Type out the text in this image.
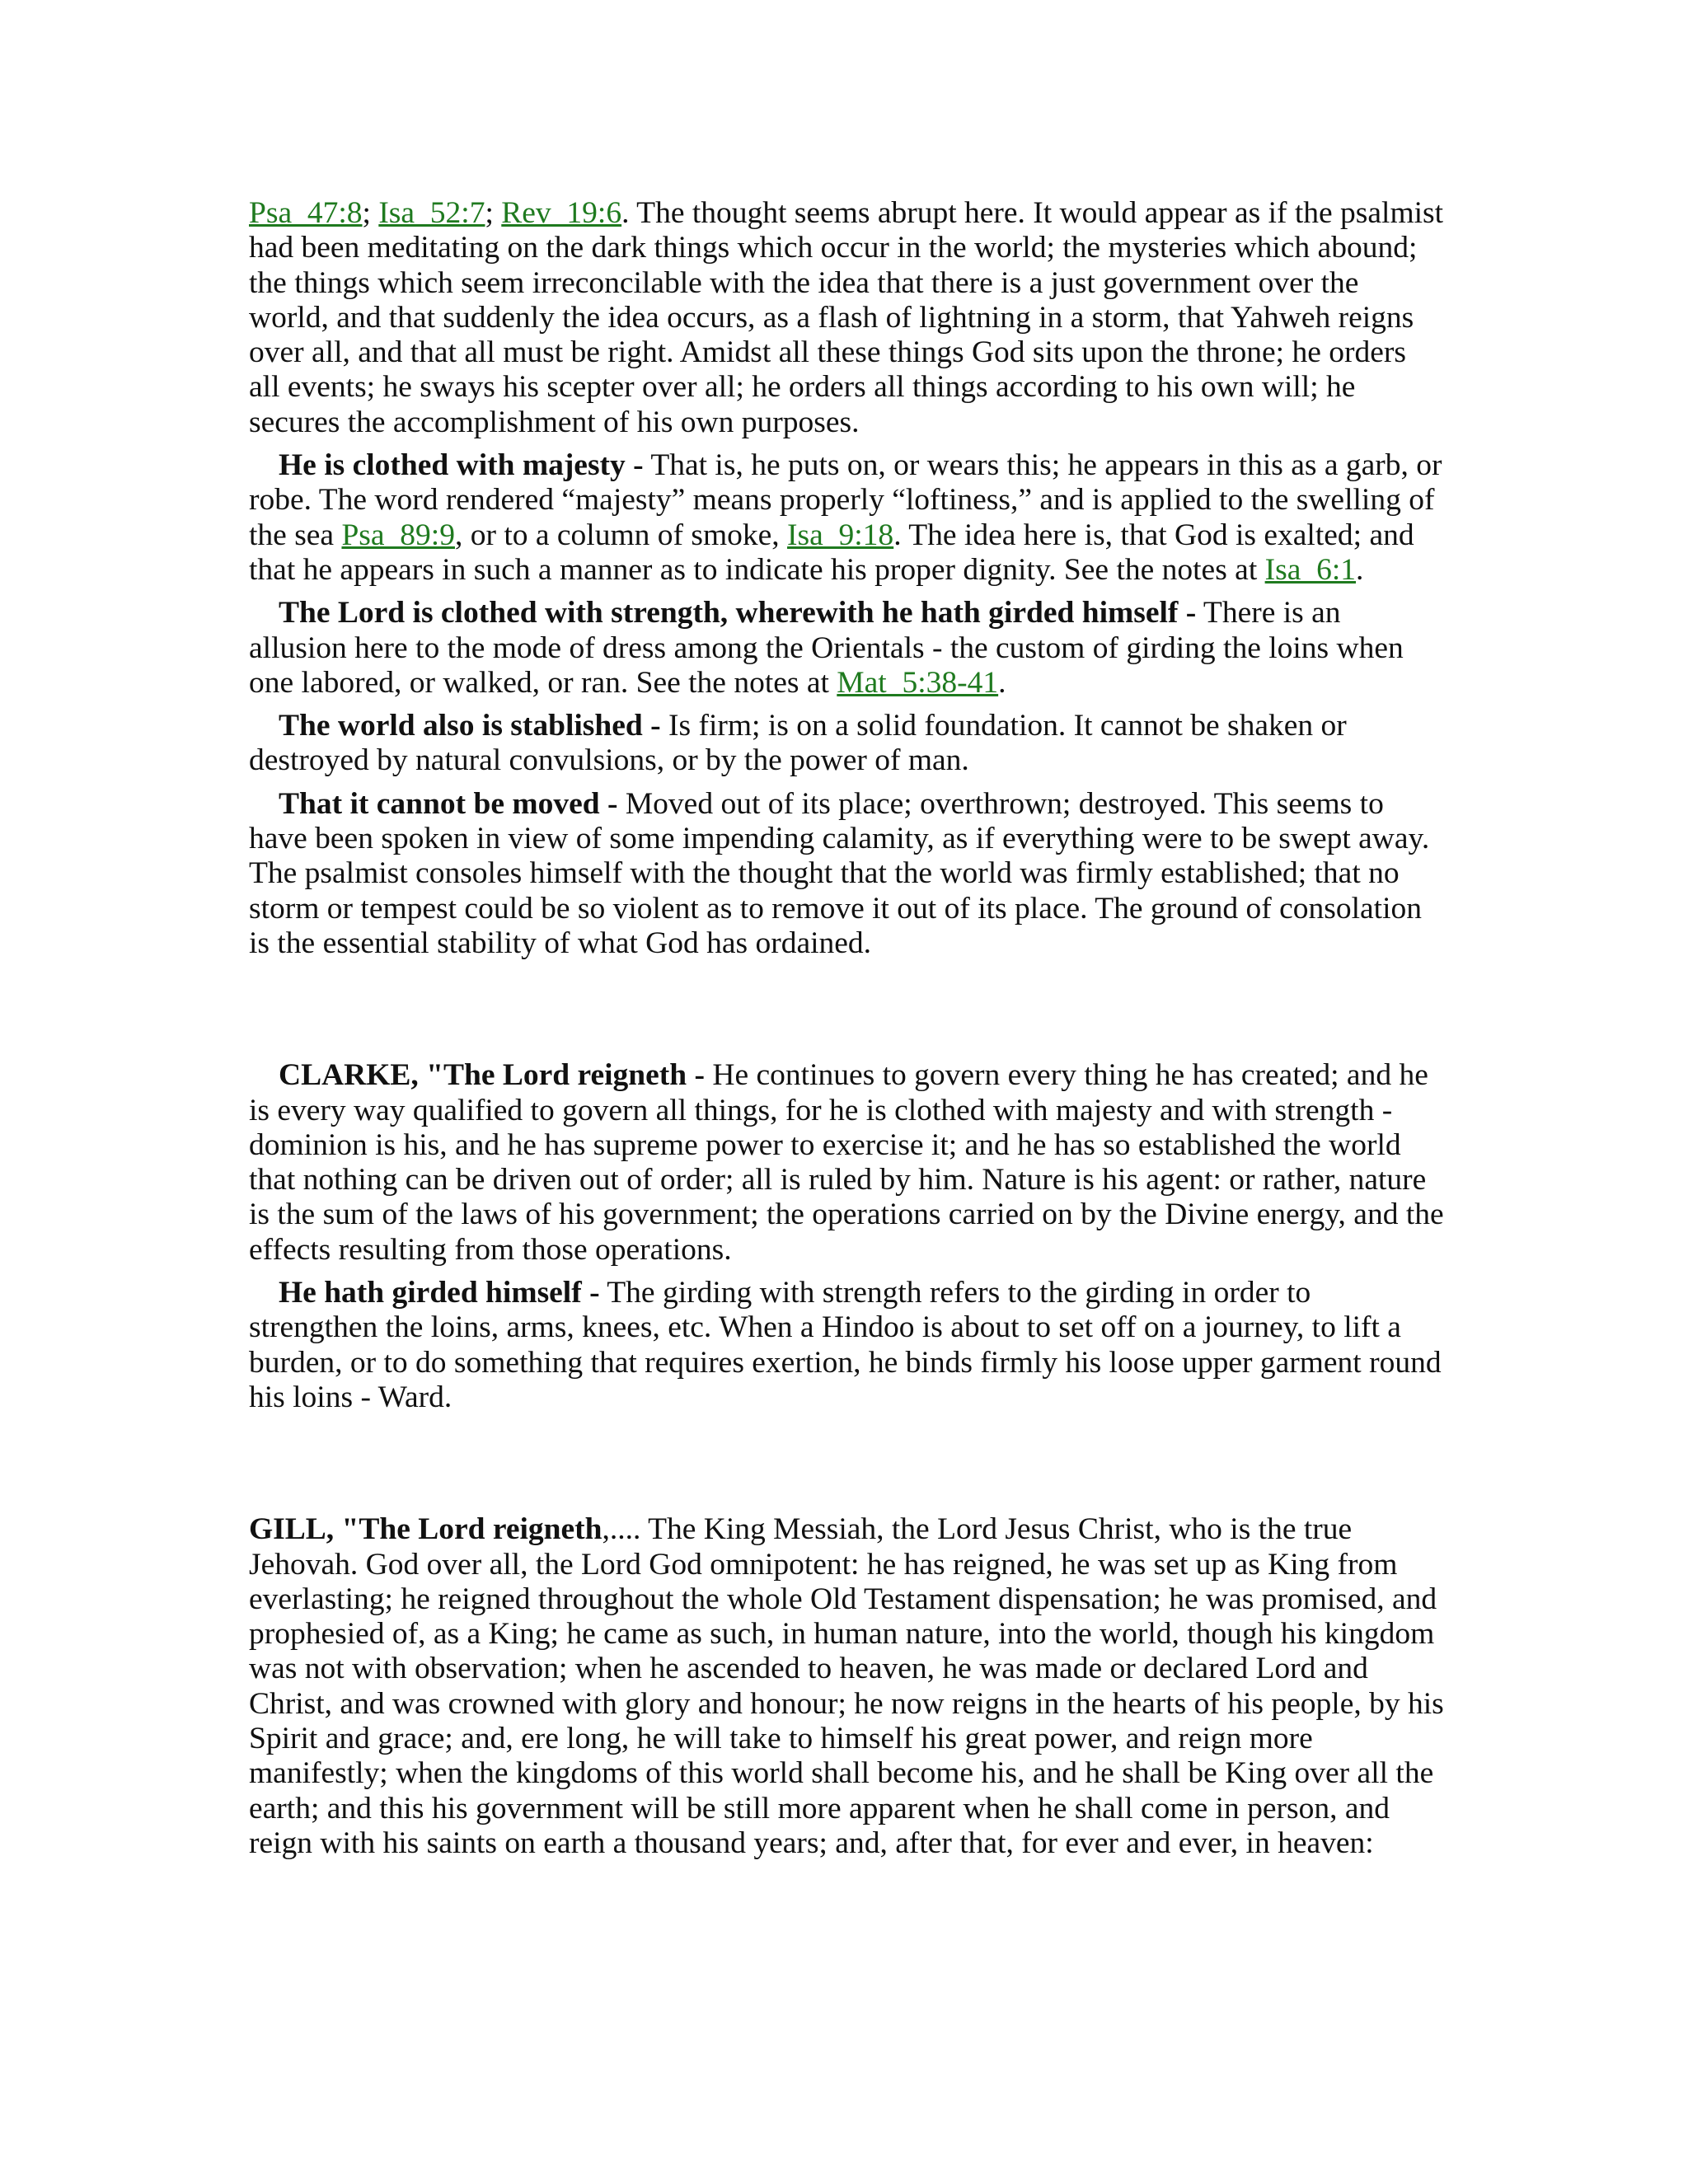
Psa_47:8; Isa_52:7; Rev_19:6. The thought seems abrupt here. It would appear as if the psalmist had been meditating on the dark things which occur in the world; the mysteries which abound; the things which seem irreconcilable with the idea that there is a just government over the world, and that suddenly the idea occurs, as a flash of lightning in a storm, that Yahweh reigns over all, and that all must be right. Amidst all these things God sits upon the throne; he orders all events; he sways his scepter over all; he orders all things according to his own will; he secures the accomplishment of his own purposes.

He is clothed with majesty - That is, he puts on, or wears this; he appears in this as a garb, or robe. The word rendered “majesty” means properly “loftiness,” and is applied to the swelling of the sea Psa_89:9, or to a column of smoke, Isa_9:18. The idea here is, that God is exalted; and that he appears in such a manner as to indicate his proper dignity. See the notes at Isa_6:1.

The Lord is clothed with strength, wherewith he hath girded himself - There is an allusion here to the mode of dress among the Orientals - the custom of girding the loins when one labored, or walked, or ran. See the notes at Mat_5:38-41.

The world also is stablished - Is firm; is on a solid foundation. It cannot be shaken or destroyed by natural convulsions, or by the power of man.

That it cannot be moved - Moved out of its place; overthrown; destroyed. This seems to have been spoken in view of some impending calamity, as if everything were to be swept away. The psalmist consoles himself with the thought that the world was firmly established; that no storm or tempest could be so violent as to remove it out of its place. The ground of consolation is the essential stability of what God has ordained.

CLARKE, "The Lord reigneth - He continues to govern every thing he has created; and he is every way qualified to govern all things, for he is clothed with majesty and with strength - dominion is his, and he has supreme power to exercise it; and he has so established the world that nothing can be driven out of order; all is ruled by him. Nature is his agent: or rather, nature is the sum of the laws of his government; the operations carried on by the Divine energy, and the effects resulting from those operations.

He hath girded himself - The girding with strength refers to the girding in order to strengthen the loins, arms, knees, etc. When a Hindoo is about to set off on a journey, to lift a burden, or to do something that requires exertion, he binds firmly his loose upper garment round his loins - Ward.

GILL, "The Lord reigneth,.... The King Messiah, the Lord Jesus Christ, who is the true Jehovah. God over all, the Lord God omnipotent: he has reigned, he was set up as King from everlasting; he reigned throughout the whole Old Testament dispensation; he was promised, and prophesied of, as a King; he came as such, in human nature, into the world, though his kingdom was not with observation; when he ascended to heaven, he was made or declared Lord and Christ, and was crowned with glory and honour; he now reigns in the hearts of his people, by his Spirit and grace; and, ere long, he will take to himself his great power, and reign more manifestly; when the kingdoms of this world shall become his, and he shall be King over all the earth; and this his government will be still more apparent when he shall come in person, and reign with his saints on earth a thousand years; and, after that, for ever and ever, in heaven:
